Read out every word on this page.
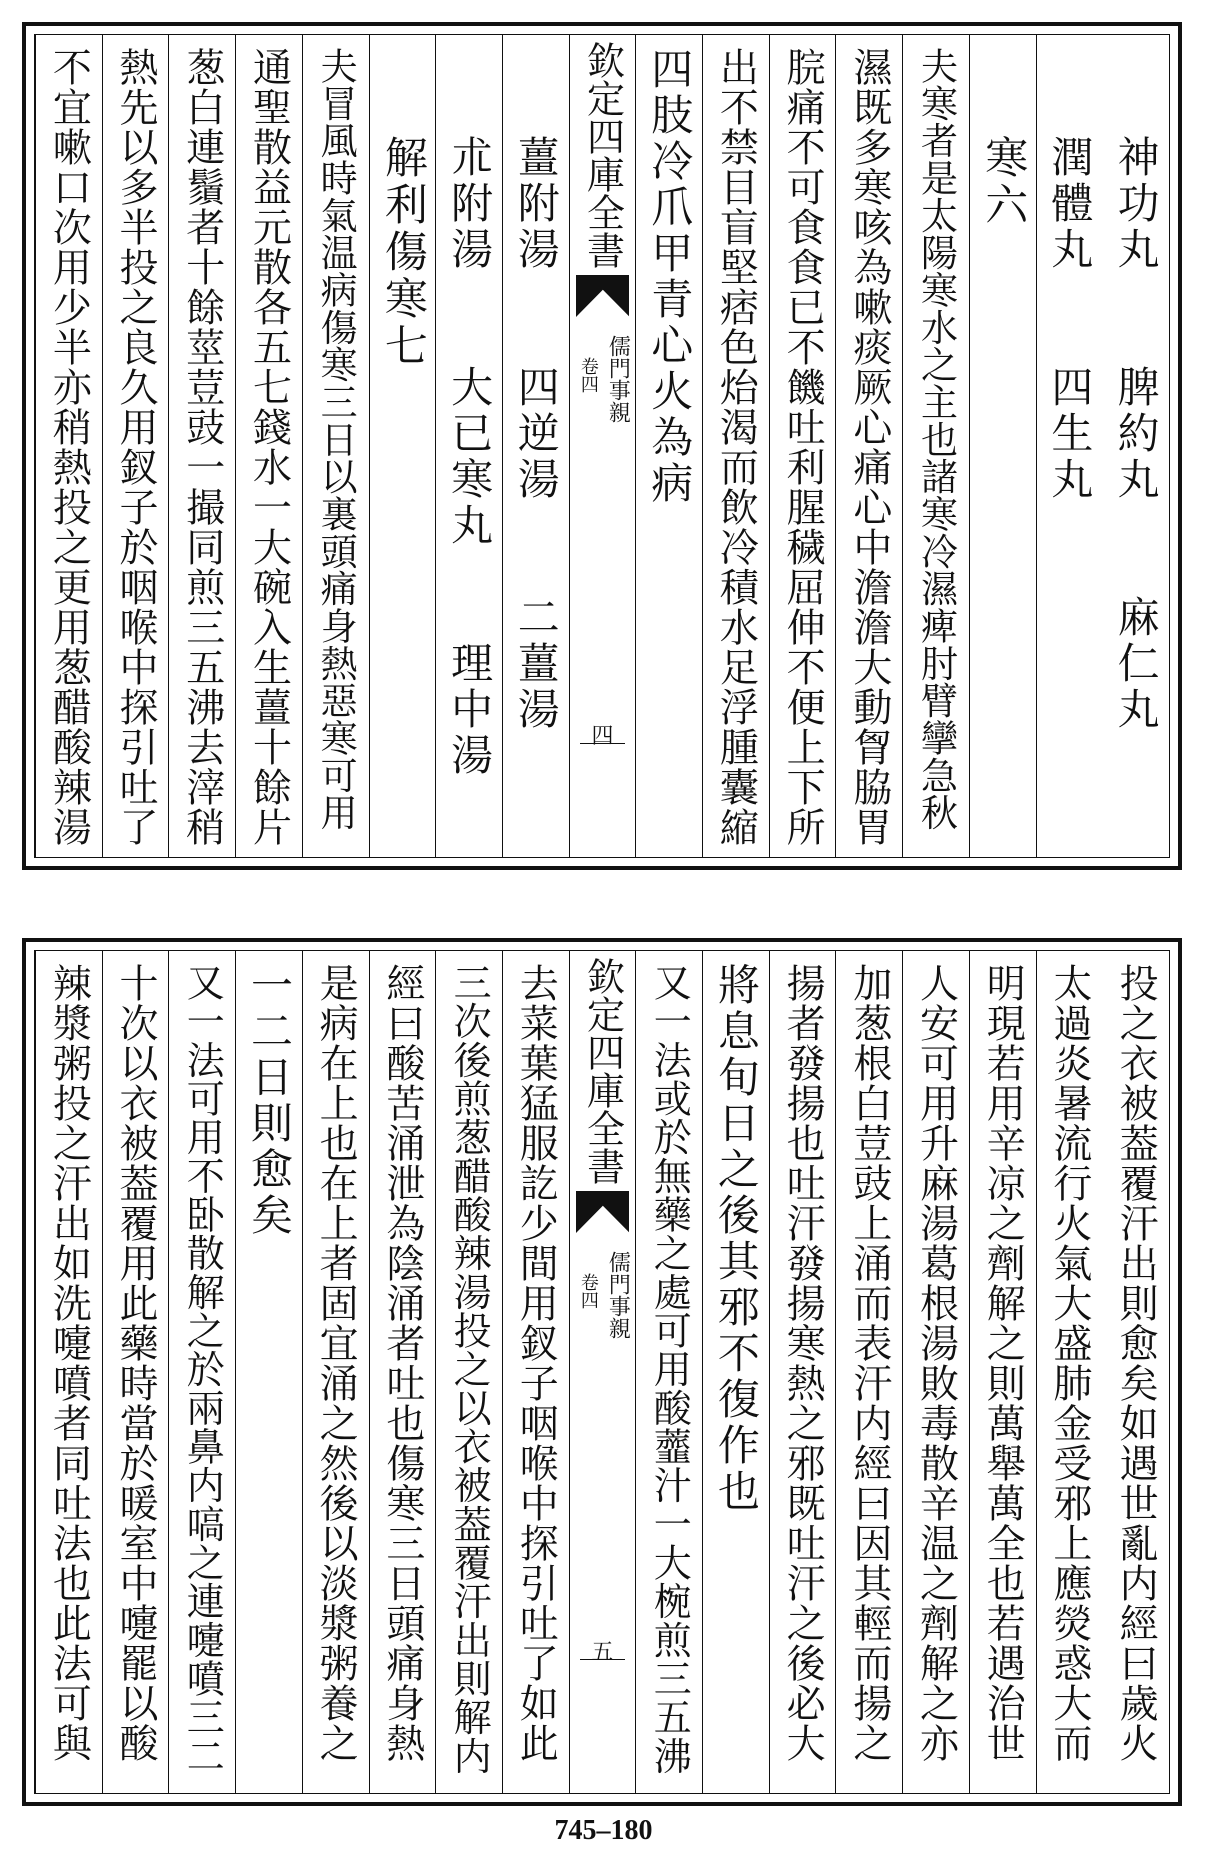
神功丸　　脾約丸　　麻仁丸
潤體丸　　四生丸
寒六
夫寒者是太陽寒水之主也諸寒冷濕痺肘臂攣急秋
濕既多寒咳為嗽痰厥心痛心中澹澹大動胷脇胃
脘痛不可食食已不饑吐利腥穢屈伸不便上下所
出不禁目盲堅痞色炲渴而飲冷積水足浮腫囊縮
四肢冷爪甲青心火為病
欽定四庫全書
儒門事親
卷四
四
薑附湯　　四逆湯　　二薑湯
朮附湯　　大已寒丸　　理中湯
解利傷寒七
夫冒風時氣温病傷寒三日以裏頭痛身熱惡寒可用
通聖散益元散各五七錢水一大碗入生薑十餘片
葱白連鬚者十餘莖荳豉一撮同煎三五沸去滓稍
熱先以多半投之良久用釵子於咽喉中探引吐了
不宜嗽口次用少半亦稍熱投之更用葱醋酸辣湯
投之衣被葢覆汗出則愈矣如遇世亂内經曰歲火
太過炎暑流行火氣大盛肺金受邪上應熒惑大而
明現若用辛凉之劑解之則萬舉萬全也若遇治世
人安可用升麻湯葛根湯敗毒散辛温之劑解之亦
加葱根白荳豉上涌而表汗内經曰因其輕而揚之
揚者發揚也吐汗發揚寒熱之邪既吐汗之後必大
將息旬日之後其邪不復作也
又一法或於無藥之處可用酸虀汁一大椀煎三五沸
欽定四庫全書
儒門事親
卷四
五
去菜葉猛服訖少間用釵子咽喉中探引吐了如此
三次後煎葱醋酸辣湯投之以衣被葢覆汗出則解内
經曰酸苦涌泄為陰涌者吐也傷寒三日頭痛身熱
是病在上也在上者固宜涌之然後以淡漿粥養之
一二日則愈矣
又一法可用不卧散解之於兩鼻内嗃之連嚏噴三二
十次以衣被葢覆用此藥時當於暖室中嚏罷以酸
辣漿粥投之汗出如洗嚏噴者同吐法也此法可與
745–180
